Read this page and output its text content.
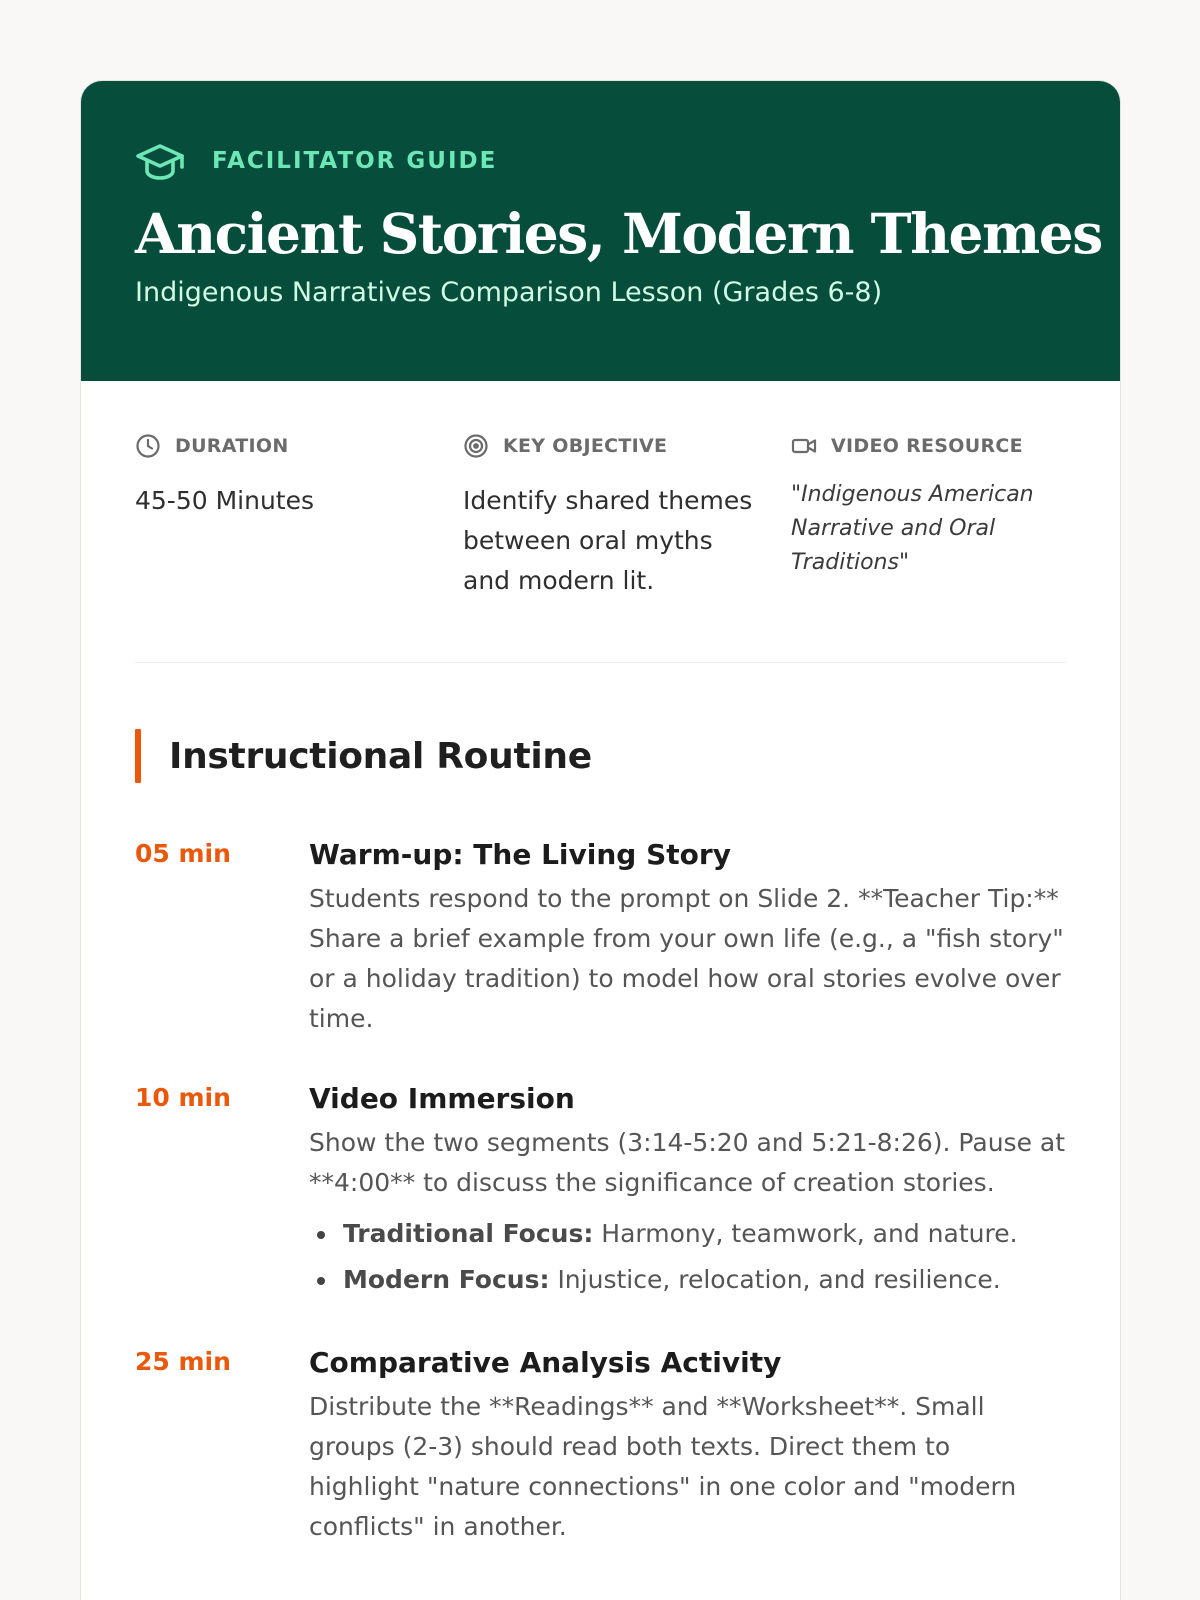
FACILITATOR GUIDE
Ancient Stories, Modern Themes
Indigenous Narratives Comparison Lesson (Grades 6-8)
DURATION
45-50 Minutes
KEY OBJECTIVE
Identify shared themes between oral myths and modern lit.
VIDEO RESOURCE
"Indigenous American Narrative and Oral Traditions"
Instructional Routine
05 min	Warm-up: The Living Story
Students respond to the prompt on Slide 2. **Teacher Tip:** Share a brief example from your own life (e.g., a "fish story" or a holiday tradition) to model how oral stories evolve over time.
10 min	Video Immersion
Show the two segments (3:14-5:20 and 5:21-8:26). Pause at **4:00** to discuss the significance of creation stories.
Traditional Focus: Harmony, teamwork, and nature.
Modern Focus: Injustice, relocation, and resilience.
25 min	Comparative Analysis Activity
Distribute the **Readings** and **Worksheet**. Small groups (2-3) should read both texts. Direct them to highlight "nature connections" in one color and "modern conflicts" in another.
